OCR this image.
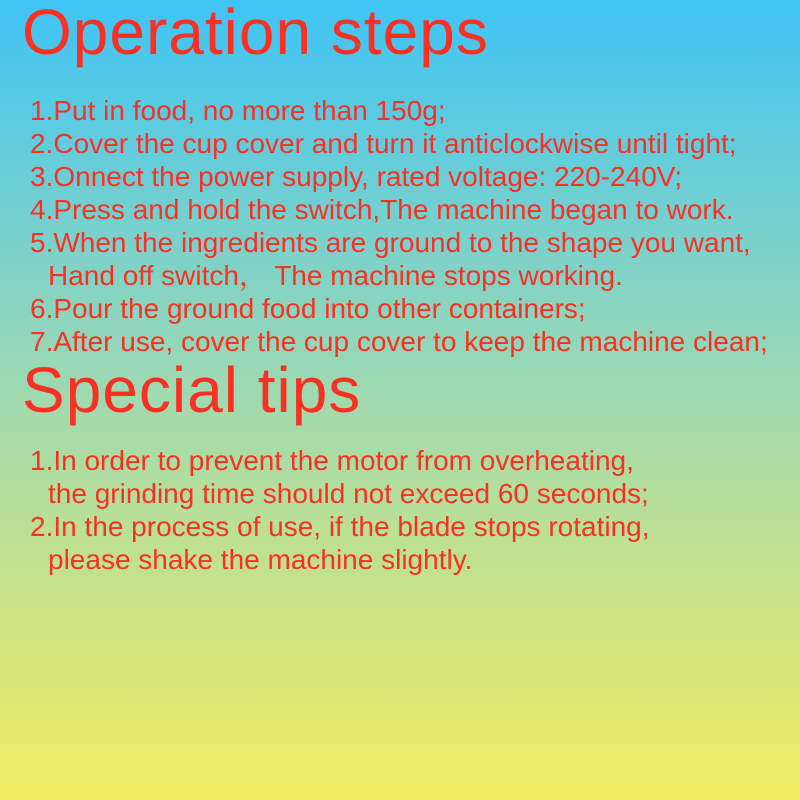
Operation steps
1.Put in food, no more than 150g;
2.Cover the cup cover and turn it anticlockwise until tight;
3.Onnect the power supply, rated voltage: 220-240V;
4.Press and hold the switch,The machine began to work.
5.When the ingredients are ground to the shape you want,
Hand off switch， The machine stops working.
6.Pour the ground food into other containers;
7.After use, cover the cup cover to keep the machine clean;
Special tips
1.In order to prevent the motor from overheating,
the grinding time should not exceed 60 seconds;
2.In the process of use, if the blade stops rotating,
please shake the machine slightly.
